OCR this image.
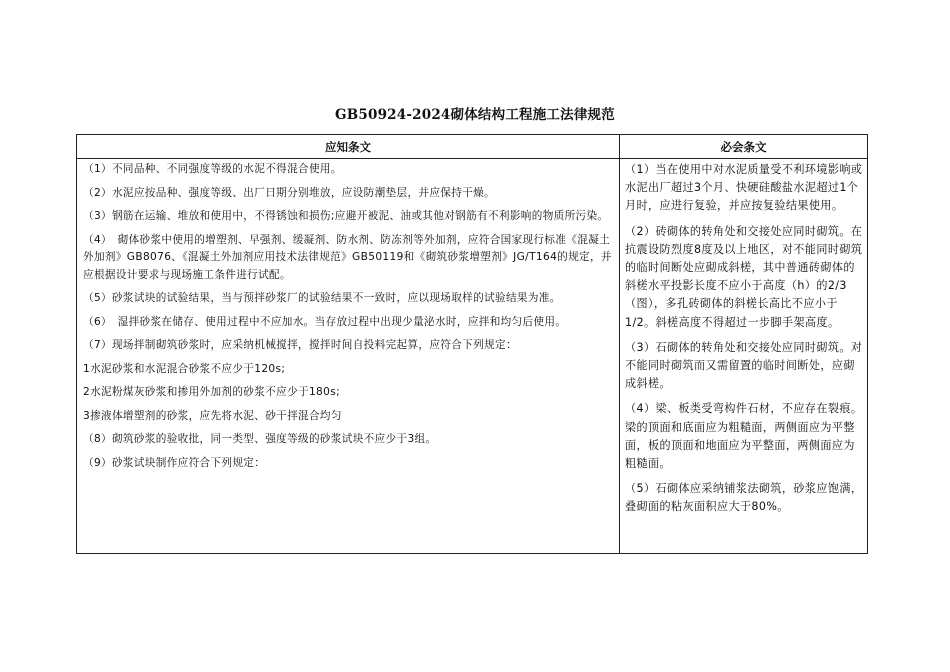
GB50924-2024砌体结构工程施工法律规范
应知条文	必会条文

（1）不同品种、不同强度等级的水泥不得混合使用。

（2）水泥应按品种、强度等级、出厂日期分别堆放，应设防潮垫层，并应保持干燥。

（3）钢筋在运输、堆放和使用中，不得锈蚀和损伤;应避开被泥、油或其他对钢筋有不利影响的物质所污染。

（4）　砌体砂浆中使用的增塑剂、早强剂、缓凝剂、防水剂、防冻剂等外加剂，应符合国家现行标准《混凝土外加剂》GB8076、《混凝土外加剂应用技术法律规范》GB50119和《砌筑砂浆增塑剂》JG/T164的规定，并应根据设计要求与现场施工条件进行试配。

（5）砂浆试块的试验结果，当与预拌砂浆厂的试验结果不一致时，应以现场取样的试验结果为准。

（6）　湿拌砂浆在储存、使用过程中不应加水。当存放过程中出现少量泌水时，应拌和均匀后使用。

（7）现场拌制砌筑砂浆时，应采纳机械搅拌，搅拌时间自投料完起算，应符合下列规定：

1水泥砂浆和水泥混合砂浆不应少于120s;

2水泥粉煤灰砂浆和掺用外加剂的砂浆不应少于180s;

3掺液体增塑剂的砂浆，应先将水泥、砂干拌混合均匀

（8）砌筑砂浆的验收批，同一类型、强度等级的砂浆试块不应少于3组。

（9）砂浆试块制作应符合下列规定：

（1）当在使用中对水泥质量受不利环境影响或水泥出厂超过3个月、快硬硅酸盐水泥超过1个月时，应进行复验，并应按复验结果使用。

（2）砖砌体的转角处和交接处应同时砌筑。在抗震设防烈度8度及以上地区，对不能同时砌筑的临时间断处应砌成斜槎，其中普通砖砌体的斜槎水平投影长度不应小于高度（h）的2/3（图），多孔砖砌体的斜槎长高比不应小于1/2。斜槎高度不得超过一步脚手架高度。

（3）石砌体的转角处和交接处应同时砌筑。对不能同时砌筑而又需留置的临时间断处，应砌成斜槎。

（4）梁、板类受弯构件石材，不应存在裂痕。梁的顶面和底面应为粗糙面，两侧面应为平整面，板的顶面和地面应为平整面，两侧面应为粗糙面。

（5）石砌体应采纳铺浆法砌筑，砂浆应饱满，叠砌面的粘灰面积应大于80%。
